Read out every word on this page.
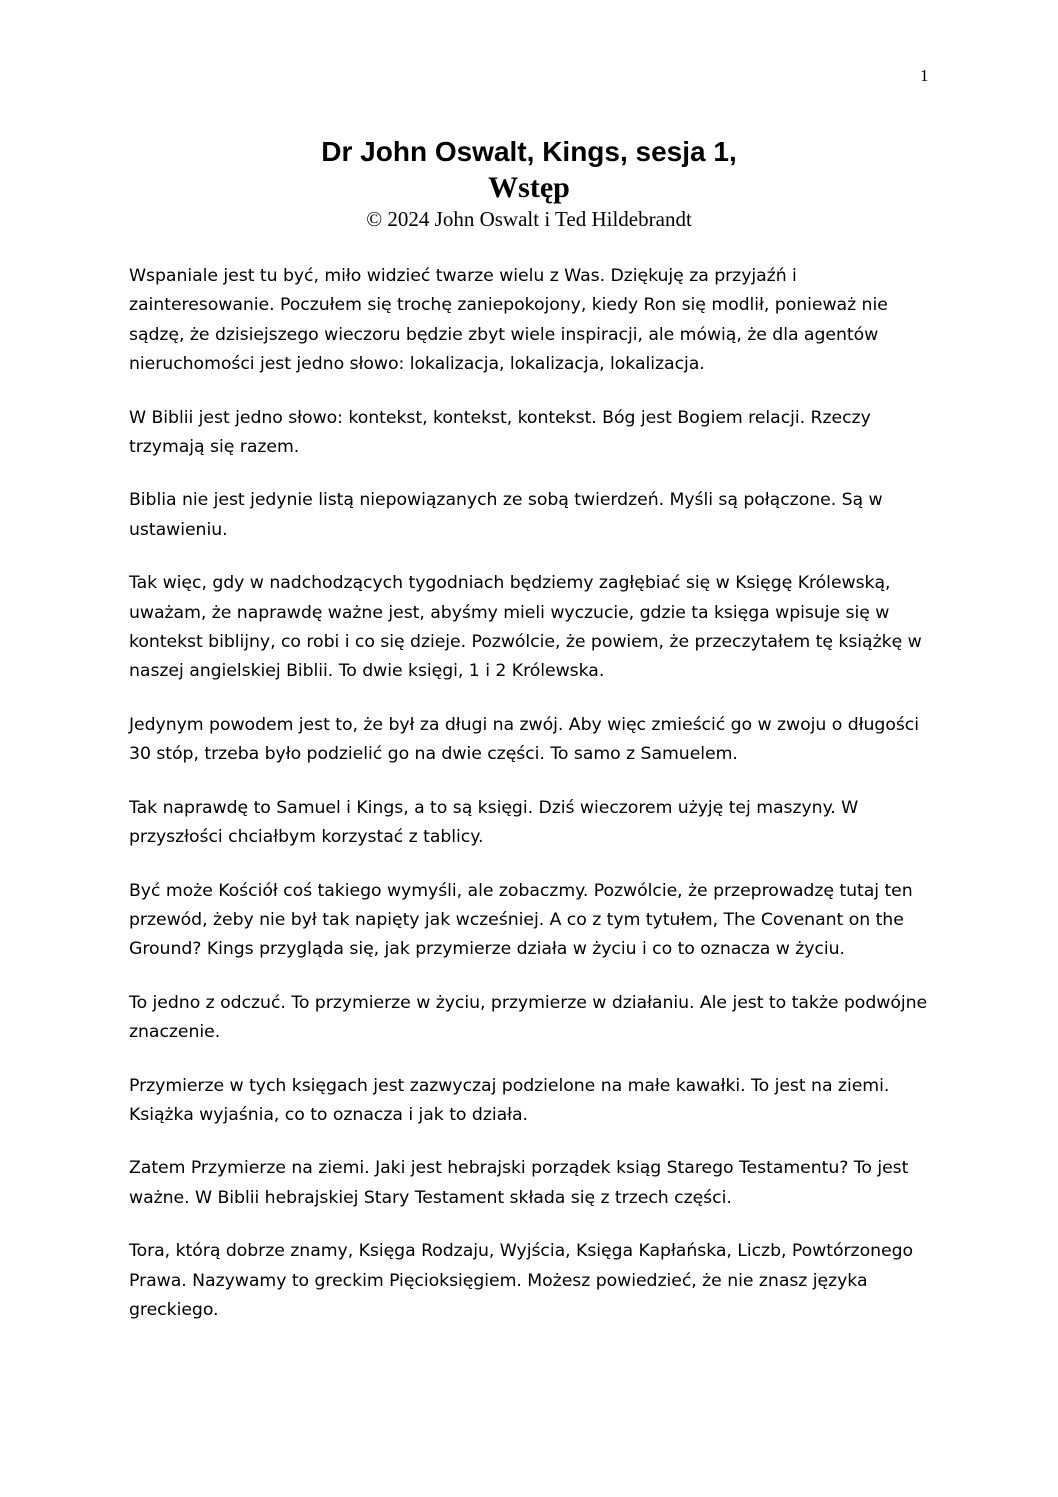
1
Dr John Oswalt, Kings, sesja 1,
Wstęp
© 2024 John Oswalt i Ted Hildebrandt

Wspaniale jest tu być, miło widzieć twarze wielu z Was. Dziękuję za przyjaźń i zainteresowanie. Poczułem się trochę zaniepokojony, kiedy Ron się modlił, ponieważ nie sądzę, że dzisiejszego wieczoru będzie zbyt wiele inspiracji, ale mówią, że dla agentów nieruchomości jest jedno słowo: lokalizacja, lokalizacja, lokalizacja.

W Biblii jest jedno słowo: kontekst, kontekst, kontekst. Bóg jest Bogiem relacji. Rzeczy trzymają się razem.

Biblia nie jest jedynie listą niepowiązanych ze sobą twierdzeń. Myśli są połączone. Są w ustawieniu.

Tak więc, gdy w nadchodzących tygodniach będziemy zagłębiać się w Księgę Królewską, uważam, że naprawdę ważne jest, abyśmy mieli wyczucie, gdzie ta księga wpisuje się w kontekst biblijny, co robi i co się dzieje. Pozwólcie, że powiem, że przeczytałem tę książkę w naszej angielskiej Biblii. To dwie księgi, 1 i 2 Królewska.

Jedynym powodem jest to, że był za długi na zwój. Aby więc zmieścić go w zwoju o długości 30 stóp, trzeba było podzielić go na dwie części. To samo z Samuelem.

Tak naprawdę to Samuel i Kings, a to są księgi. Dziś wieczorem użyję tej maszyny. W przyszłości chciałbym korzystać z tablicy.

Być może Kościół coś takiego wymyśli, ale zobaczmy. Pozwólcie, że przeprowadzę tutaj ten przewód, żeby nie był tak napięty jak wcześniej. A co z tym tytułem, The Covenant on the Ground? Kings przygląda się, jak przymierze działa w życiu i co to oznacza w życiu.

To jedno z odczuć. To przymierze w życiu, przymierze w działaniu. Ale jest to także podwójne znaczenie.

Przymierze w tych księgach jest zazwyczaj podzielone na małe kawałki. To jest na ziemi. Książka wyjaśnia, co to oznacza i jak to działa.

Zatem Przymierze na ziemi. Jaki jest hebrajski porządek ksiąg Starego Testamentu? To jest ważne. W Biblii hebrajskiej Stary Testament składa się z trzech części.

Tora, którą dobrze znamy, Księga Rodzaju, Wyjścia, Księga Kapłańska, Liczb, Powtórzonego Prawa. Nazywamy to greckim Pięcioksięgiem. Możesz powiedzieć, że nie znasz języka greckiego.
